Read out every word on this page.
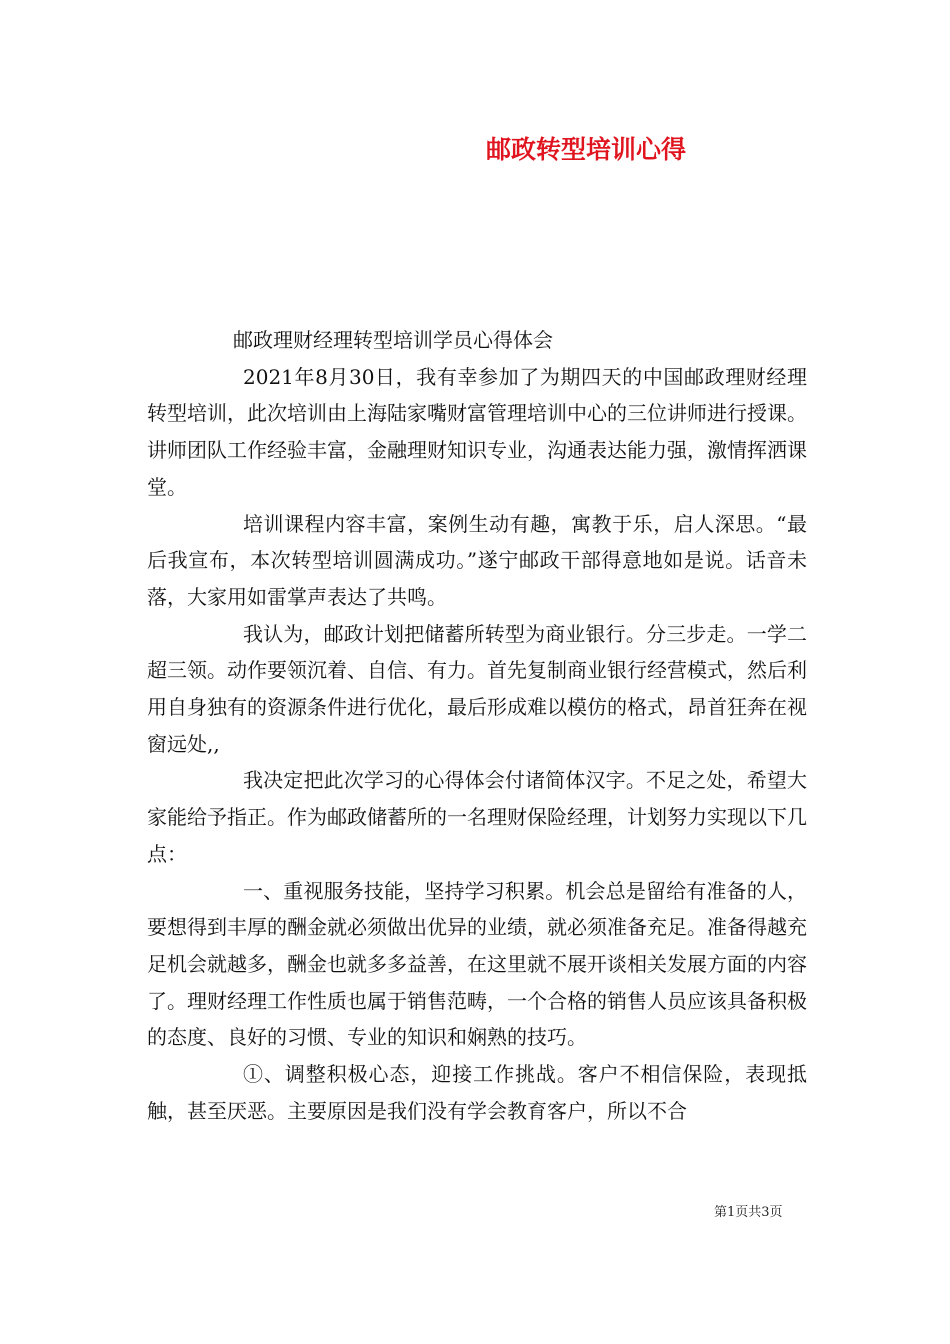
邮政转型培训心得

邮政理财经理转型培训学员心得体会

2021年8月30日，我有幸参加了为期四天的中国邮政理财经理转型培训，此次培训由上海陆家嘴财富管理培训中心的三位讲师进行授课。讲师团队工作经验丰富，金融理财知识专业，沟通表达能力强，激情挥洒课堂。

培训课程内容丰富，案例生动有趣，寓教于乐，启人深思。“最后我宣布，本次转型培训圆满成功。”遂宁邮政干部得意地如是说。话音未落，大家用如雷掌声表达了共鸣。

我认为，邮政计划把储蓄所转型为商业银行。分三步走。一学二超三领。动作要领沉着、自信、有力。首先复制商业银行经营模式，然后利用自身独有的资源条件进行优化，最后形成难以模仿的格式，昂首狂奔在视窗远处,,

我决定把此次学习的心得体会付诸简体汉字。不足之处，希望大家能给予指正。作为邮政储蓄所的一名理财保险经理，计划努力实现以下几点：

一、重视服务技能，坚持学习积累。机会总是留给有准备的人，要想得到丰厚的酬金就必须做出优异的业绩，就必须准备充足。准备得越充足机会就越多，酬金也就多多益善，在这里就不展开谈相关发展方面的内容了。理财经理工作性质也属于销售范畴，一个合格的销售人员应该具备积极的态度、良好的习惯、专业的知识和娴熟的技巧。

①、调整积极心态，迎接工作挑战。客户不相信保险，表现抵触，甚至厌恶。主要原因是我们没有学会教育客户，所以不合

第1页共3页
